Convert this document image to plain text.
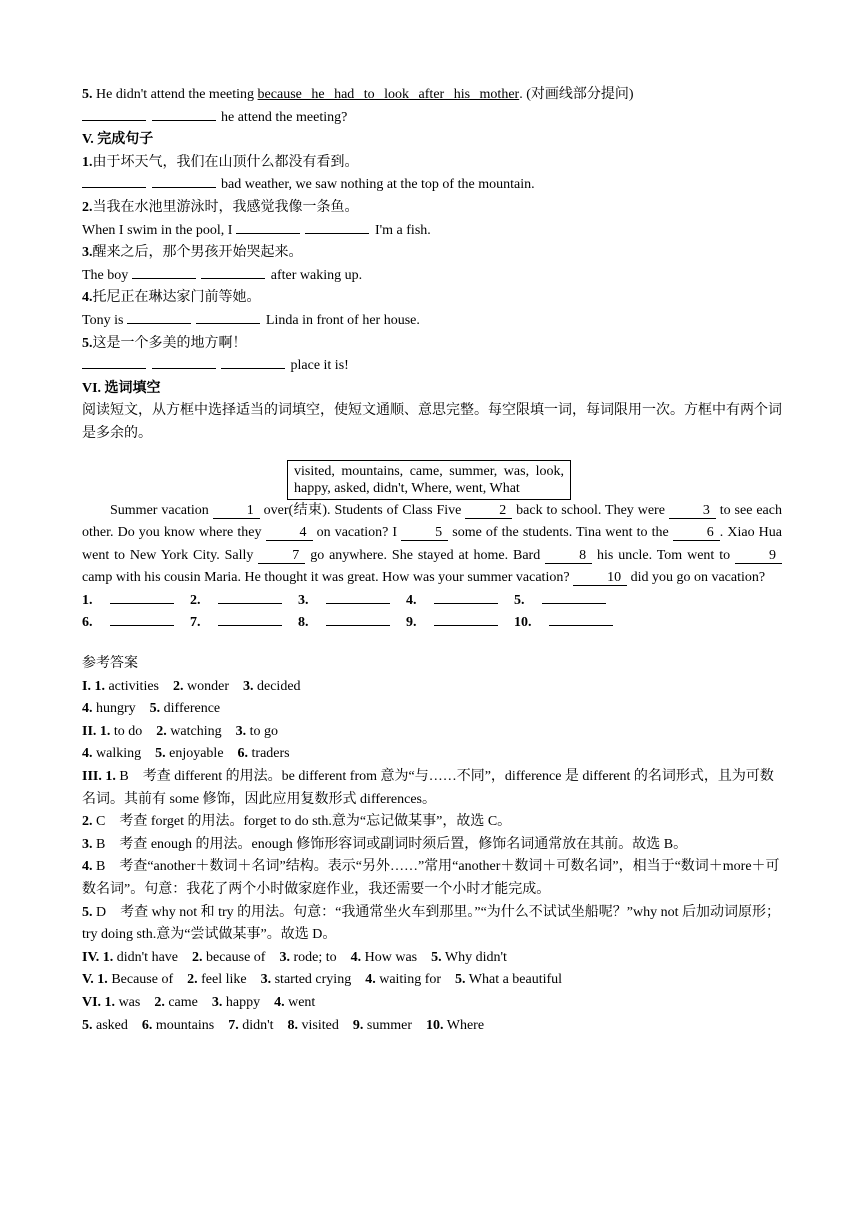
5. He didn't attend the meeting because he had to look after his mother. (对画线部分提问)
he attend the meeting?
V. 完成句子
1.由于坏天气，我们在山顶什么都没有看到。
bad weather, we saw nothing at the top of the mountain.
2.当我在水池里游泳时，我感觉我像一条鱼。
When I swim in the pool, I	I'm a fish.
3.醒来之后，那个男孩开始哭起来。
The boy	after waking up.
4.托尼正在琳达家门前等她。
Tony is	Linda in front of her house.
5.这是一个多美的地方啊！
place it is!
VI. 选词填空
阅读短文，从方框中选择适当的词填空，使短文通顺、意思完整。每空限填一词，每词限用一次。方框中有两个词是多余的。
visited, mountains, came, summer, was, look, happy, asked, didn't, Where, went, What
Summer vacation 1 over(结束). Students of Class Five 2 back to school. They were 3 to see each other. Do you know where they 4 on vacation? I 5 some of the students. Tina went to the 6 . Xiao Hua went to New York City. Sally 7 go anywhere. She stayed at home. Bard 8 his uncle. Tom went to 9 camp with his cousin Maria. He thought it was great. How was your summer vacation? 10 did you go on vacation?
1.	2.	3.	4.	5.
6.	7.	8.	9.	10.
参考答案
I. 1. activities  2. wonder  3. decided
4. hungry  5. difference
II. 1. to do  2. watching  3. to go
4. walking  5. enjoyable  6. traders
III. 1. B　考查 different 的用法。be different from 意为“与……不同”，difference 是 different 的名词形式，且为可数名词。其前有 some 修饰，因此应用复数形式 differences。
2. C　考查 forget 的用法。forget to do sth.意为“忘记做某事”，故选 C。
3. B　考查 enough 的用法。enough 修饰形容词或副词时须后置，修饰名词通常放在其前。故选 B。
4. B　考查“another＋数词＋名词”结构。表示“另外……”常用“another＋数词＋可数名词”，相当于“数词＋more＋可数名词”。句意：我花了两个小时做家庭作业，我还需要一个小时才能完成。
5. D　考查 why not 和 try 的用法。句意：“我通常坐火车到那里。”“为什么不试试坐船呢？”why not 后加动词原形；try doing sth.意为“尝试做某事”。故选 D。
IV. 1. didn't have  2. because of  3. rode; to  4. How was  5. Why didn't
V. 1. Because of  2. feel like  3. started crying  4. waiting for  5. What a beautiful
VI. 1. was  2. came  3. happy  4. went
5. asked  6. mountains  7. didn't  8. visited  9. summer  10. Where
